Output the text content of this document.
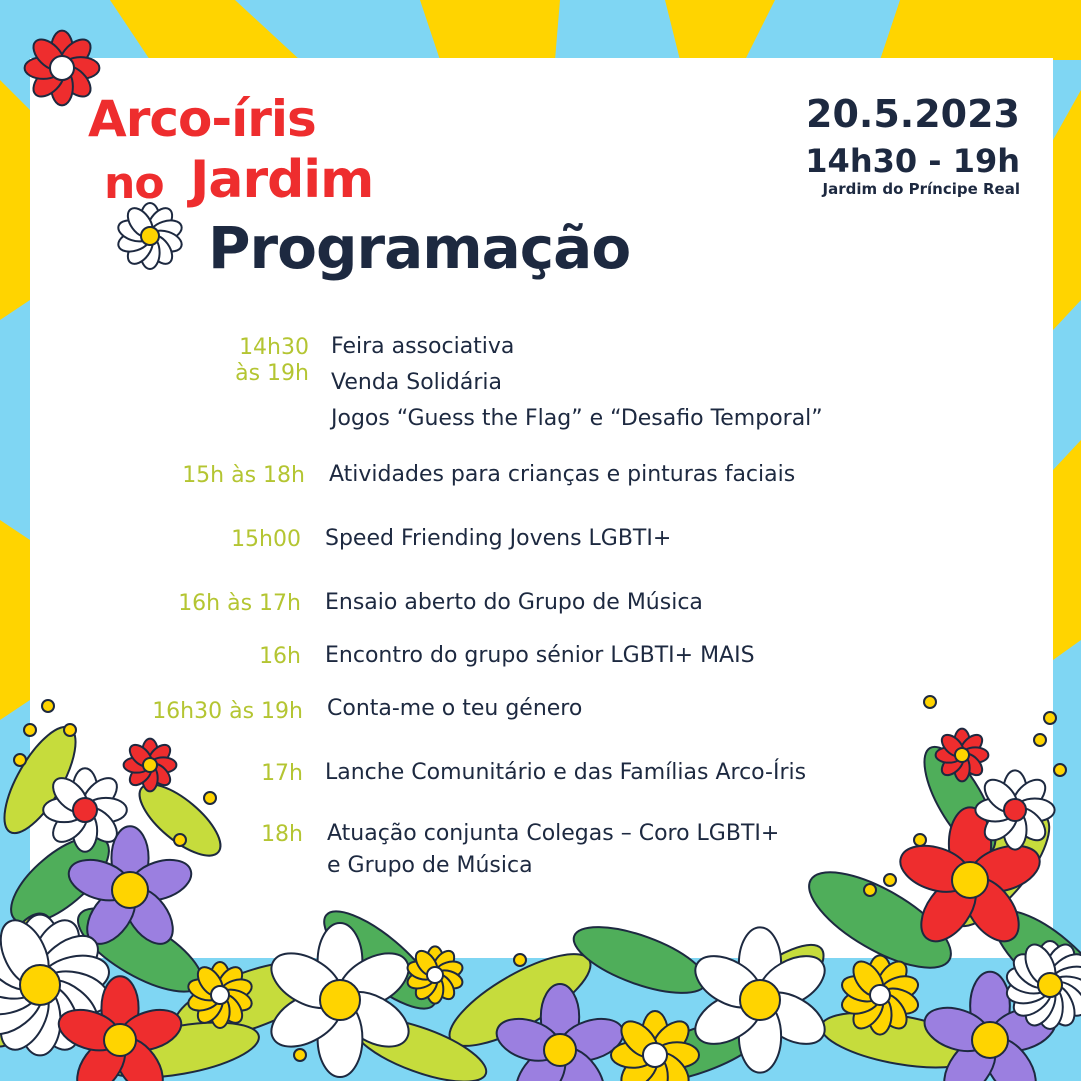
Arco-íris
no Jardim
Programação
20.5.2023
14h30 - 19h
Jardim do Príncipe Real
14h30
às 19h
Feira associativa
Venda Solidária
Jogos “Guess the Flag” e “Desafio Temporal”
15h às 18h Atividades para crianças e pinturas faciais
15h00 Speed Friending Jovens LGBTI+
16h às 17h Ensaio aberto do Grupo de Música
16h Encontro do grupo sénior LGBTI+ MAIS
16h30 às 19h Conta-me o teu género
17h Lanche Comunitário e das Famílias Arco-Íris
18h Atuação conjunta Colegas – Coro LGBTI+
e Grupo de Música
